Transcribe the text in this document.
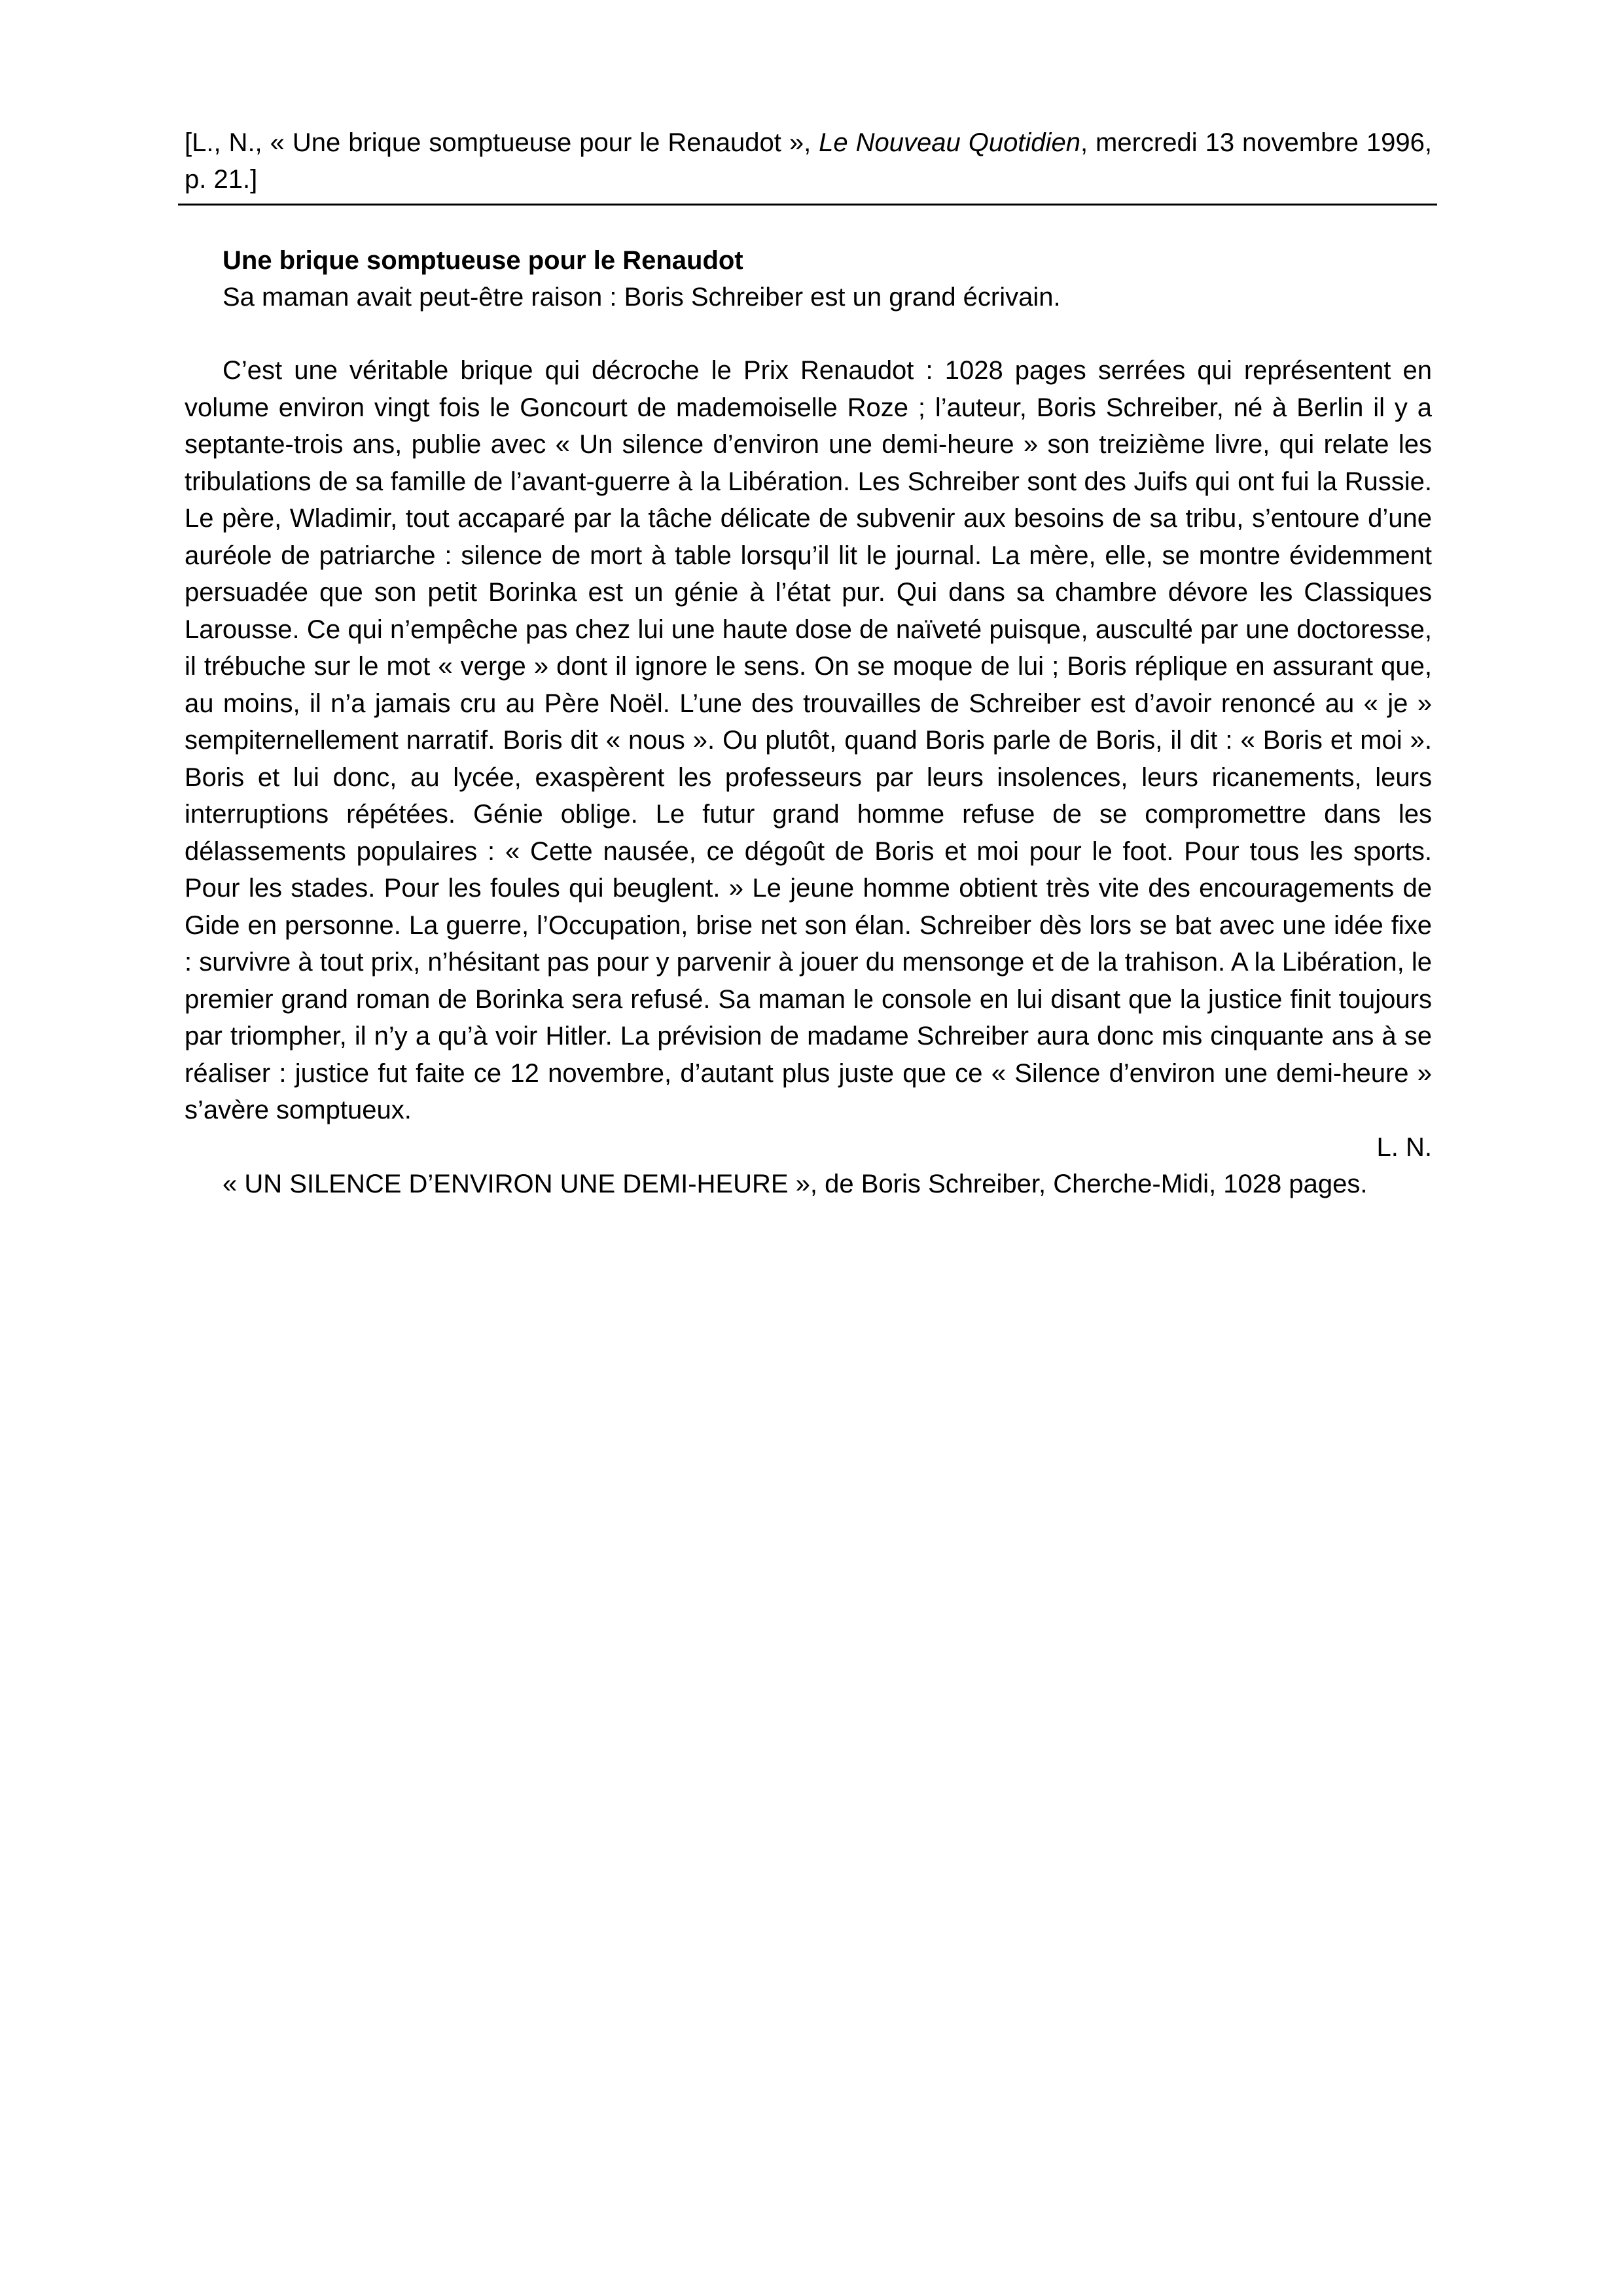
[L., N., « Une brique somptueuse pour le Renaudot », Le Nouveau Quotidien, mercredi 13 novembre 1996, p. 21.]

Une brique somptueuse pour le Renaudot

Sa maman avait peut-être raison : Boris Schreiber est un grand écrivain.

C’est une véritable brique qui décroche le Prix Renaudot : 1028 pages serrées qui représentent en volume environ vingt fois le Goncourt de mademoiselle Roze ; l’auteur, Boris Schreiber, né à Berlin il y a septante-trois ans, publie avec « Un silence d’environ une demi-heure » son treizième livre, qui relate les tribulations de sa famille de l’avant-guerre à la Libération. Les Schreiber sont des Juifs qui ont fui la Russie. Le père, Wladimir, tout accaparé par la tâche délicate de subvenir aux besoins de sa tribu, s’entoure d’une auréole de patriarche : silence de mort à table lorsqu’il lit le journal. La mère, elle, se montre évidemment persuadée que son petit Borinka est un génie à l’état pur. Qui dans sa chambre dévore les Classiques Larousse. Ce qui n’empêche pas chez lui une haute dose de naïveté puisque, ausculté par une doctoresse, il trébuche sur le mot « verge » dont il ignore le sens. On se moque de lui ; Boris réplique en assurant que, au moins, il n’a jamais cru au Père Noël. L’une des trouvailles de Schreiber est d’avoir renoncé au « je » sempiternellement narratif. Boris dit « nous ». Ou plutôt, quand Boris parle de Boris, il dit : « Boris et moi ». Boris et lui donc, au lycée, exaspèrent les professeurs par leurs insolences, leurs ricanements, leurs interruptions répétées. Génie oblige. Le futur grand homme refuse de se compromettre dans les délassements populaires : « Cette nausée, ce dégoût de Boris et moi pour le foot. Pour tous les sports. Pour les stades. Pour les foules qui beuglent. » Le jeune homme obtient très vite des encouragements de Gide en personne. La guerre, l’Occupation, brise net son élan. Schreiber dès lors se bat avec une idée fixe : survivre à tout prix, n’hésitant pas pour y parvenir à jouer du mensonge et de la trahison. A la Libération, le premier grand roman de Borinka sera refusé. Sa maman le console en lui disant que la justice finit toujours par triompher, il n’y a qu’à voir Hitler. La prévision de madame Schreiber aura donc mis cinquante ans à se réaliser : justice fut faite ce 12 novembre, d’autant plus juste que ce « Silence d’environ une demi-heure » s’avère somptueux.

L. N.

« UN SILENCE D’ENVIRON UNE DEMI-HEURE », de Boris Schreiber, Cherche-Midi, 1028 pages.
